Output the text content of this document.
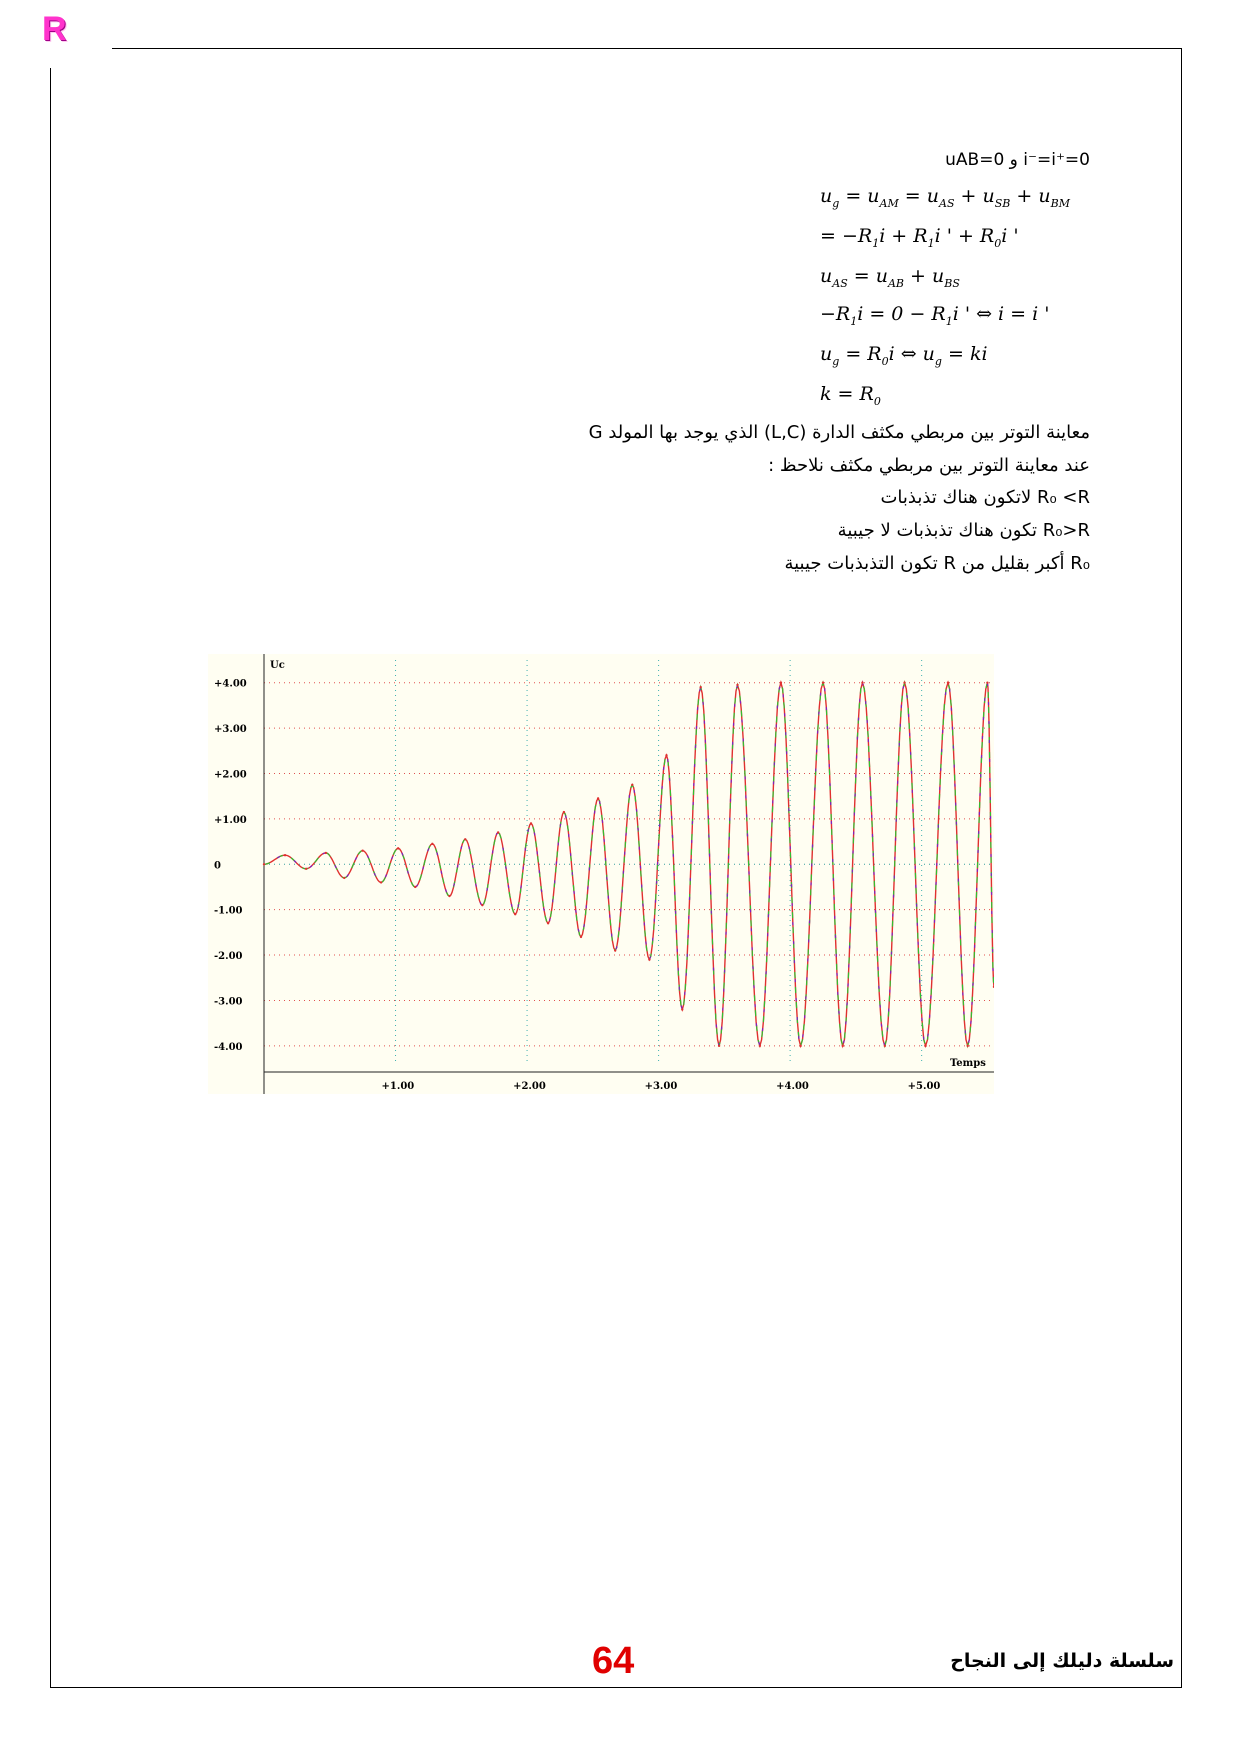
R
uAB=0 و i⁻=i⁺=0
$u_g = u_{AM} = u_{AS} + u_{SB} + u_{BM}$
= $-R_1i + R_1i$ ' + $R_0i$ '
$u_{AS} = u_{AB} + u_{BS}$
$-R_1i = 0 - R_1i$ ' ⇔ i = i '
$u_g = R_0i$ ⇔ $u_g$ = ki
$k = R_0$
معاينة التوتر بين مربطي مكثف الدارة (L,C) الذي يوجد بها المولد G
عند معاينة التوتر بين مربطي مكثف نلاحظ :
R₀ <R لاتكون هناك تذبذبات
R₀>R تكون هناك تذبذبات لا جيبية
R₀ أكبر بقليل من R تكون التذبذبات جيبية
+4.00
+3.00
+2.00
+1.00
0
-1.00
-2.00
-3.00
-4.00
+1.00	+2.00	+3.00	+4.00	+5.00
Uc
Temps
64	سلسلة دليلك إلى النجاح
